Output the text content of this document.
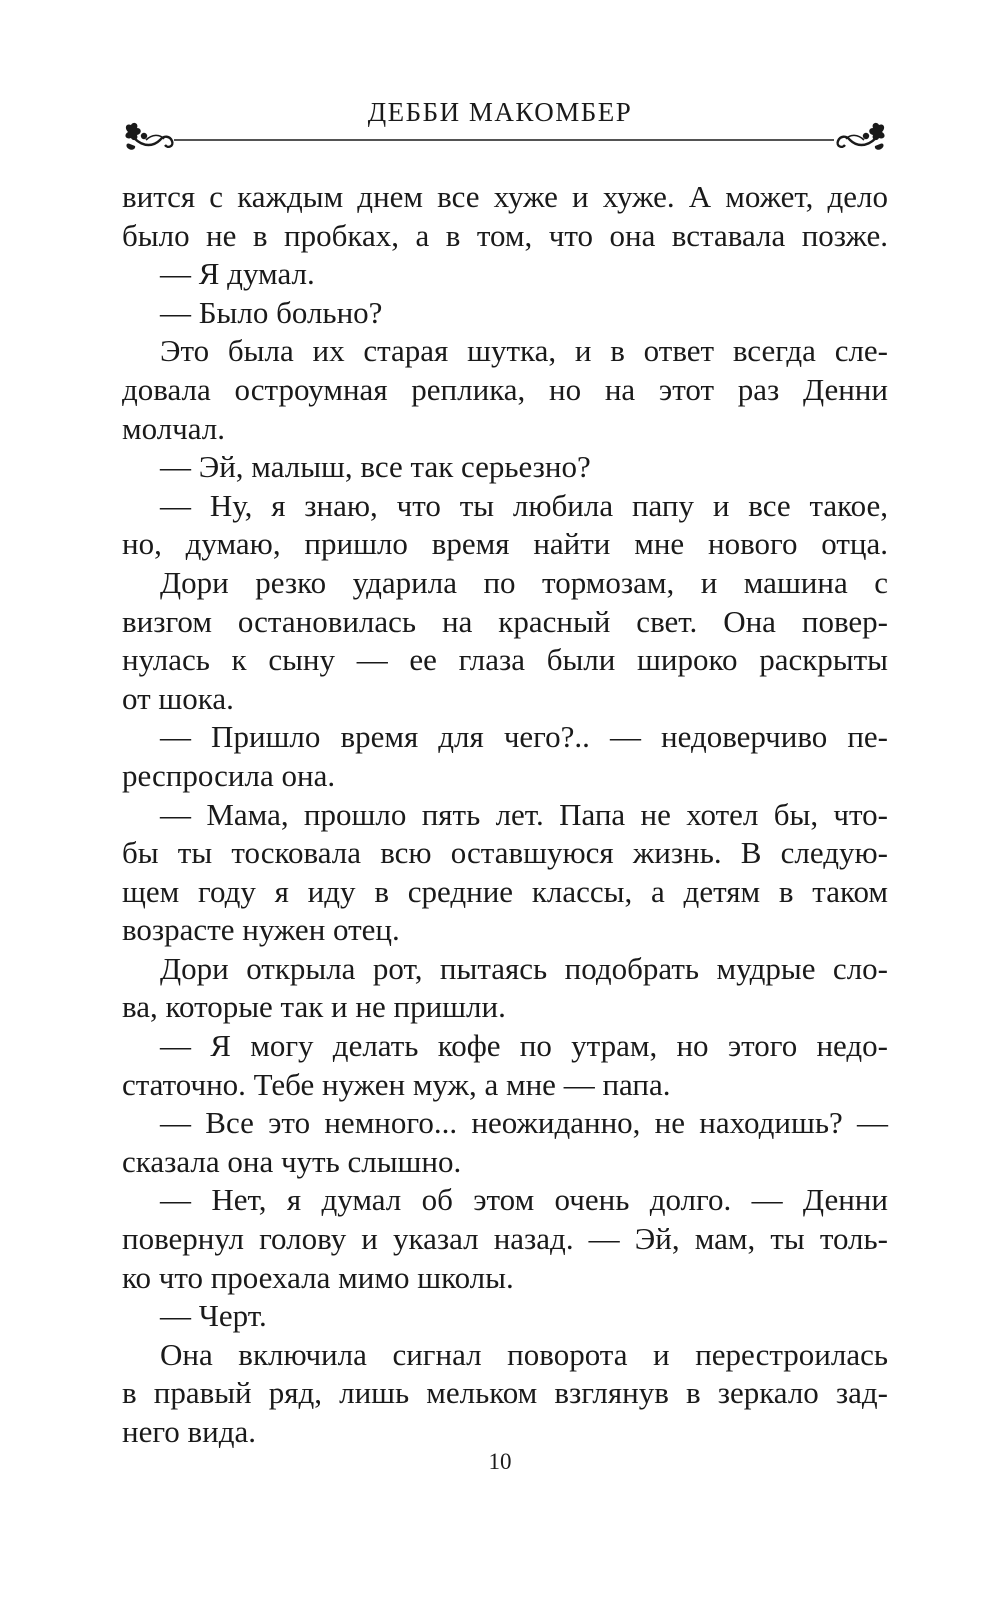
ДЕББИ МАКОМБЕР
вится с каждым днем все хуже и хуже. А может, дело
было не в пробках, а в том, что она вставала позже.
— Я думал.
— Было больно?
Это была их старая шутка, и в ответ всегда сле-
довала остроумная реплика, но на этот раз Денни
молчал.
— Эй, малыш, все так серьезно?
— Ну, я знаю, что ты любила папу и все такое,
но, думаю, пришло время найти мне нового отца.
Дори резко ударила по тормозам, и машина с
визгом остановилась на красный свет. Она повер-
нулась к сыну — ее глаза были широко раскрыты
от шока.
— Пришло время для чего?.. — недоверчиво пе-
респросила она.
— Мама, прошло пять лет. Папа не хотел бы, что-
бы ты тосковала всю оставшуюся жизнь. В следую-
щем году я иду в средние классы, а детям в таком
возрасте нужен отец.
Дори открыла рот, пытаясь подобрать мудрые сло-
ва, которые так и не пришли.
— Я могу делать кофе по утрам, но этого недо-
статочно. Тебе нужен муж, а мне — папа.
— Все это немного... неожиданно, не находишь? —
сказала она чуть слышно.
— Нет, я думал об этом очень долго. — Денни
повернул голову и указал назад. — Эй, мам, ты толь-
ко что проехала мимо школы.
— Черт.
Она включила сигнал поворота и перестроилась
в правый ряд, лишь мельком взглянув в зеркало зад-
него вида.
10
